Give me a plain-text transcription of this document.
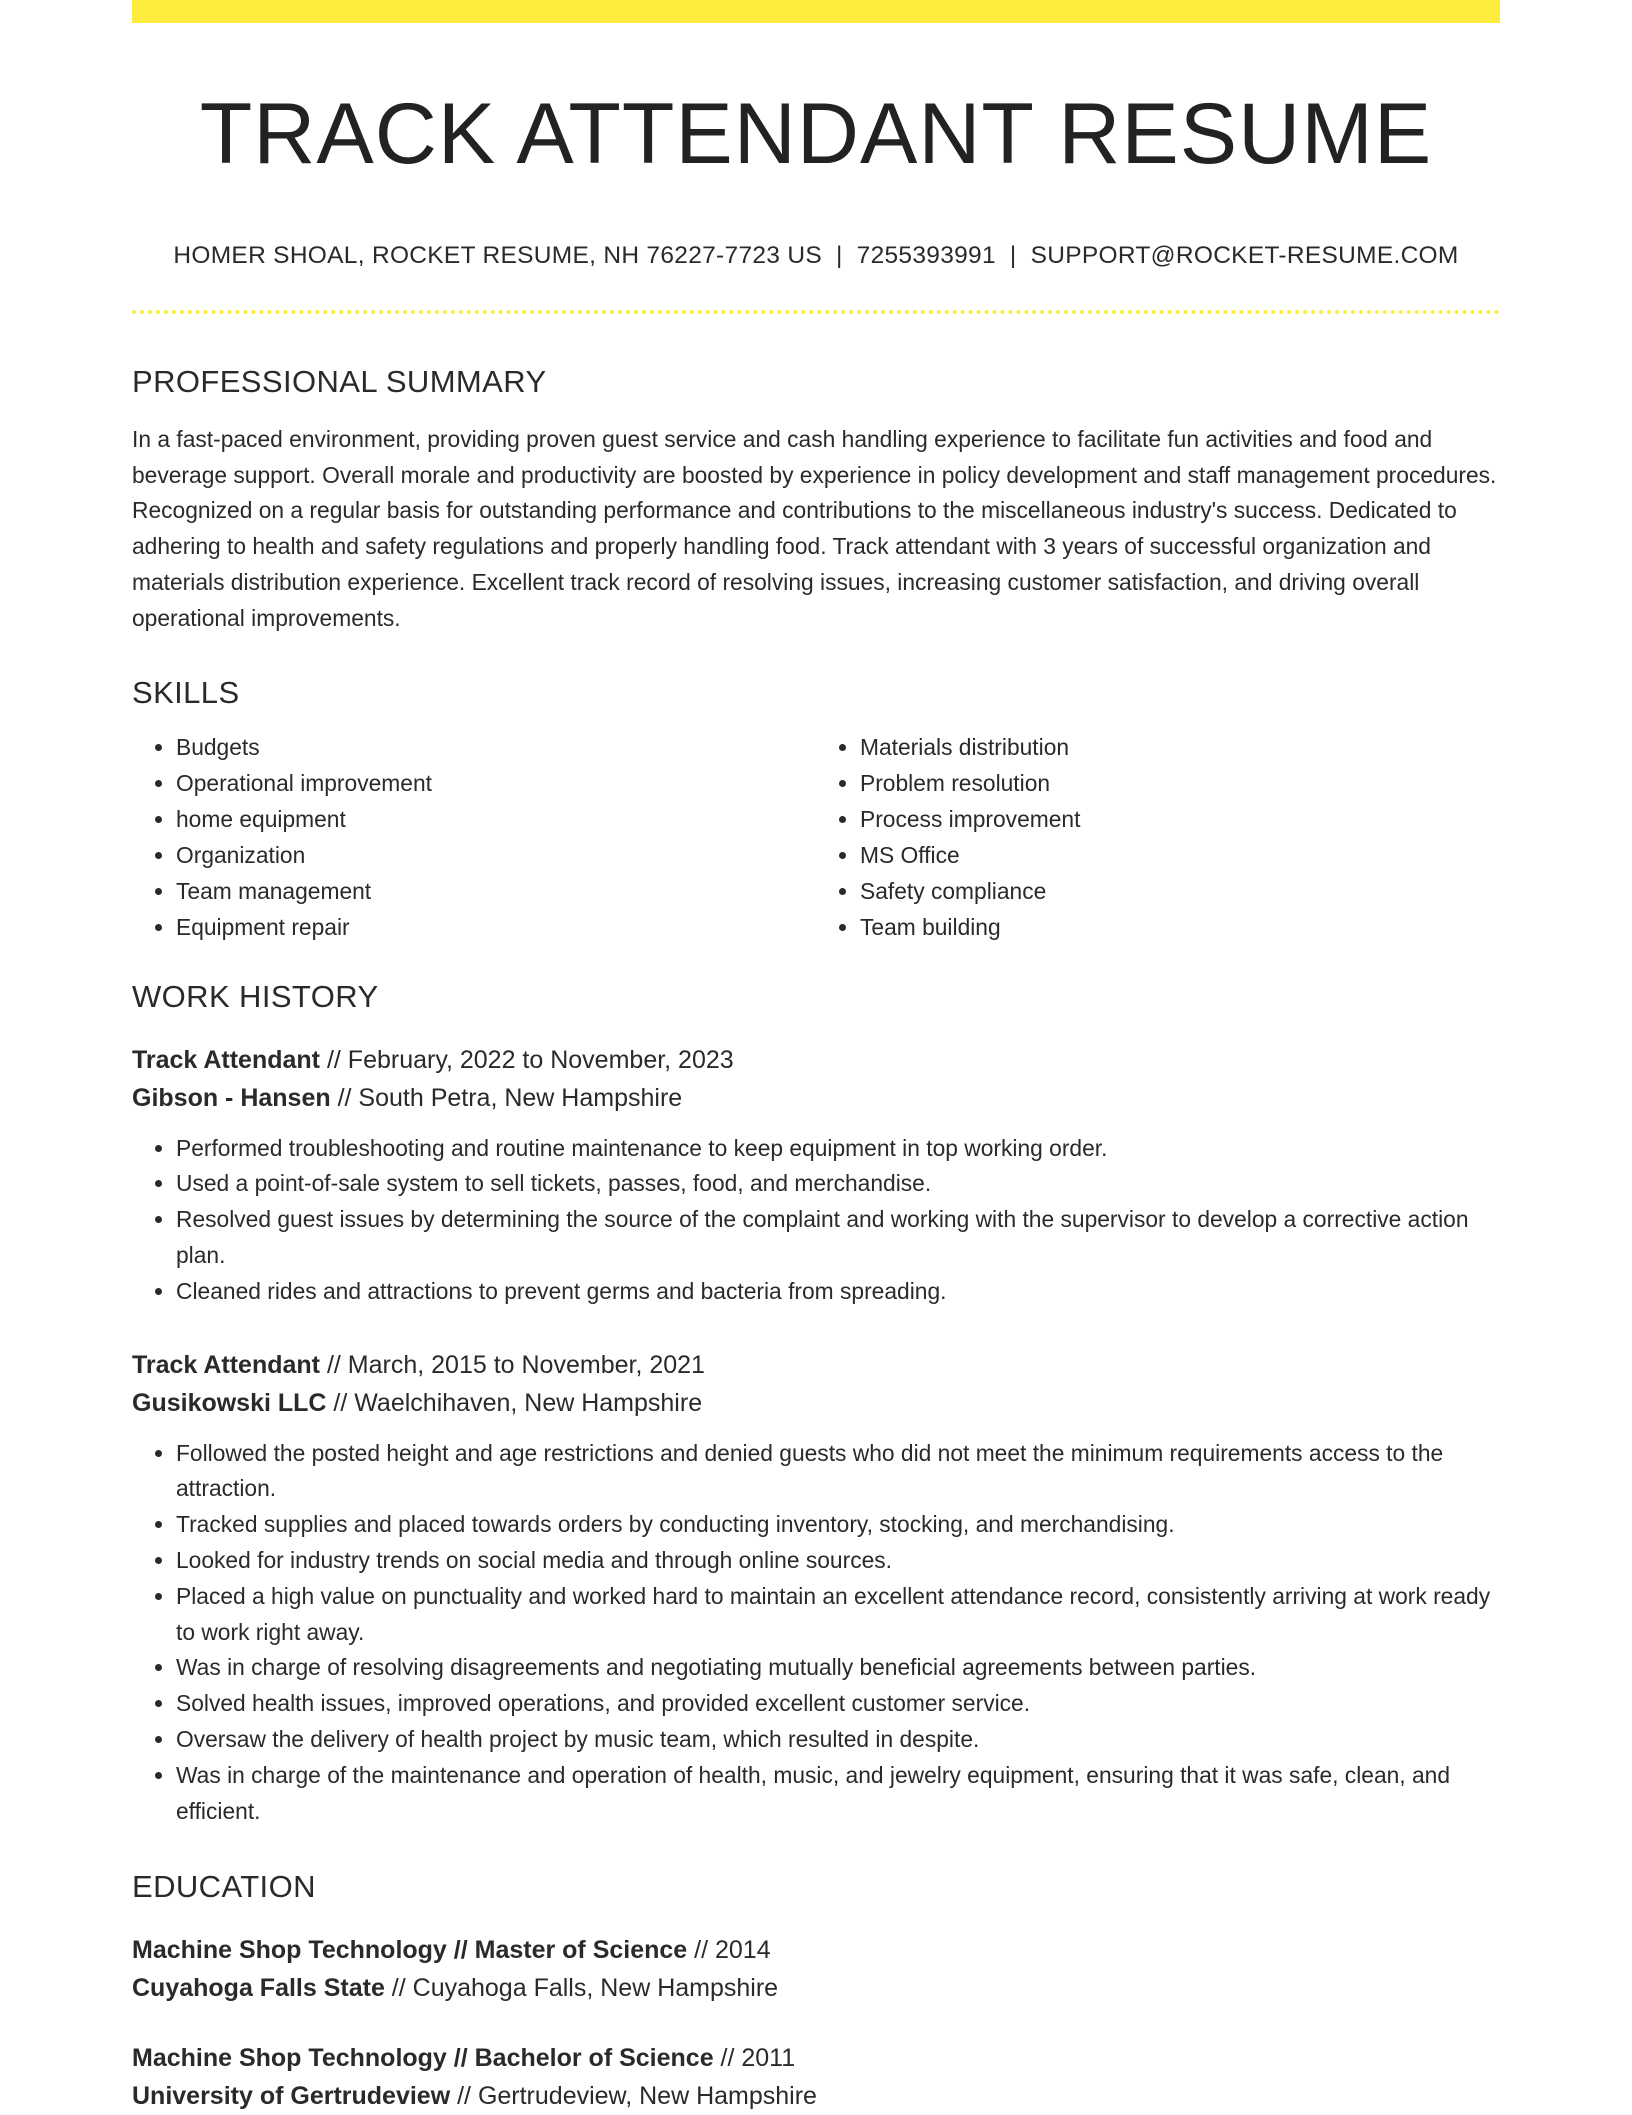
TRACK ATTENDANT RESUME
HOMER SHOAL, ROCKET RESUME, NH 76227-7723 US | 7255393991 | SUPPORT@ROCKET-RESUME.COM
PROFESSIONAL SUMMARY

In a fast-paced environment, providing proven guest service and cash handling experience to facilitate fun activities and food and beverage support. Overall morale and productivity are boosted by experience in policy development and staff management procedures. Recognized on a regular basis for outstanding performance and contributions to the miscellaneous industry's success. Dedicated to adhering to health and safety regulations and properly handling food. Track attendant with 3 years of successful organization and materials distribution experience. Excellent track record of resolving issues, increasing customer satisfaction, and driving overall operational improvements.

SKILLS
• Budgets
• Operational improvement
• home equipment
• Organization
• Team management
• Equipment repair
• Materials distribution
• Problem resolution
• Process improvement
• MS Office
• Safety compliance
• Team building
WORK HISTORY
Track Attendant // February, 2022 to November, 2023
Gibson - Hansen // South Petra, New Hampshire
• Performed troubleshooting and routine maintenance to keep equipment in top working order.
• Used a point-of-sale system to sell tickets, passes, food, and merchandise.
• Resolved guest issues by determining the source of the complaint and working with the supervisor to develop a corrective action plan.
• Cleaned rides and attractions to prevent germs and bacteria from spreading.
Track Attendant // March, 2015 to November, 2021
Gusikowski LLC // Waelchihaven, New Hampshire
• Followed the posted height and age restrictions and denied guests who did not meet the minimum requirements access to the attraction.
• Tracked supplies and placed towards orders by conducting inventory, stocking, and merchandising.
• Looked for industry trends on social media and through online sources.
• Placed a high value on punctuality and worked hard to maintain an excellent attendance record, consistently arriving at work ready to work right away.
• Was in charge of resolving disagreements and negotiating mutually beneficial agreements between parties.
• Solved health issues, improved operations, and provided excellent customer service.
• Oversaw the delivery of health project by music team, which resulted in despite.
• Was in charge of the maintenance and operation of health, music, and jewelry equipment, ensuring that it was safe, clean, and efficient.
EDUCATION
Machine Shop Technology // Master of Science // 2014
Cuyahoga Falls State // Cuyahoga Falls, New Hampshire
Machine Shop Technology // Bachelor of Science // 2011
University of Gertrudeview // Gertrudeview, New Hampshire
